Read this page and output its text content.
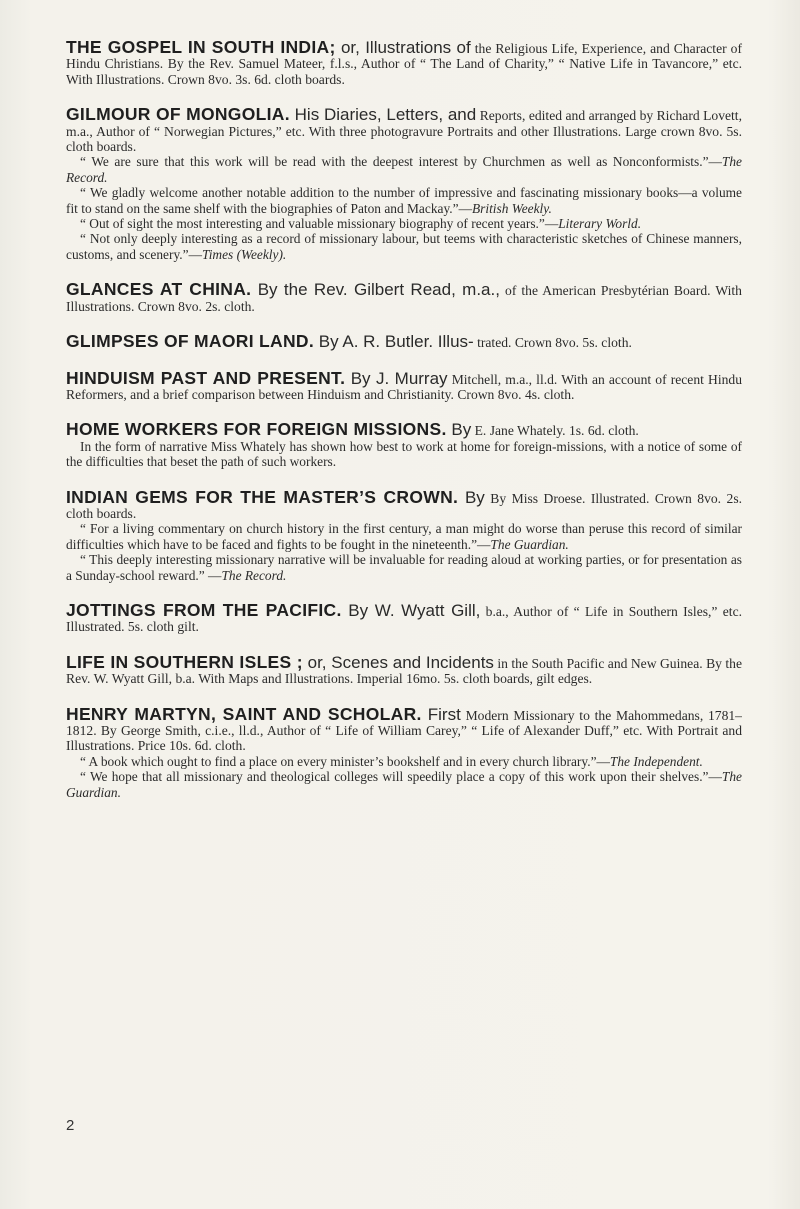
THE GOSPEL IN SOUTH INDIA; or, Illustrations of the Religious Life, Experience, and Character of Hindu Christians. By the Rev. Samuel Mateer, f.l.s., Author of “ The Land of Charity,” “ Native Life in Tavancore,” etc. With Illustrations. Crown 8vo. 3s. 6d. cloth boards.

GILMOUR OF MONGOLIA. His Diaries, Letters, and Reports, edited and arranged by Richard Lovett, m.a., Author of “ Norwegian Pictures,” etc. With three photogravure Portraits and other Illustrations. Large crown 8vo. 5s. cloth boards.

“ We are sure that this work will be read with the deepest interest by Churchmen as well as Nonconformists.”—The Record.

“ We gladly welcome another notable addition to the number of impressive and fascinating missionary books—a volume fit to stand on the same shelf with the biographies of Paton and Mackay.”—British Weekly.

“ Out of sight the most interesting and valuable missionary biography of recent years.”—Literary World.

“ Not only deeply interesting as a record of missionary labour, but teems with characteristic sketches of Chinese manners, customs, and scenery.”—Times (Weekly).

GLANCES AT CHINA. By the Rev. Gilbert Read, m.a., of the American Presbytérian Board. With Illustrations. Crown 8vo. 2s. cloth.

GLIMPSES OF MAORI LAND. By A. R. Butler. Illus- trated. Crown 8vo. 5s. cloth.

HINDUISM PAST AND PRESENT. By J. Murray Mitchell, m.a., ll.d. With an account of recent Hindu Reformers, and a brief comparison between Hinduism and Christianity. Crown 8vo. 4s. cloth.

HOME WORKERS FOR FOREIGN MISSIONS. By E. Jane Whately. 1s. 6d. cloth.

In the form of narrative Miss Whately has shown how best to work at home for foreign-missions, with a notice of some of the difficulties that beset the path of such workers.

INDIAN GEMS FOR THE MASTER’S CROWN. By By Miss Droese. Illustrated. Crown 8vo. 2s. cloth boards.

“ For a living commentary on church history in the first century, a man might do worse than peruse this record of similar difficulties which have to be faced and fights to be fought in the nineteenth.”—The Guardian.

“ This deeply interesting missionary narrative will be invaluable for reading aloud at working parties, or for presentation as a Sunday-school reward.” —The Record.

JOTTINGS FROM THE PACIFIC. By W. Wyatt Gill, b.a., Author of “ Life in Southern Isles,” etc. Illustrated. 5s. cloth gilt.

LIFE IN SOUTHERN ISLES ; or, Scenes and Incidents in the South Pacific and New Guinea. By the Rev. W. Wyatt Gill, b.a. With Maps and Illustrations. Imperial 16mo. 5s. cloth boards, gilt edges.

HENRY MARTYN, SAINT AND SCHOLAR. First Modern Missionary to the Mahommedans, 1781–1812. By George Smith, c.i.e., ll.d., Author of “ Life of William Carey,” “ Life of Alexander Duff,” etc. With Portrait and Illustrations. Price 10s. 6d. cloth.

“ A book which ought to find a place on every minister’s bookshelf and in every church library.”—The Independent.

“ We hope that all missionary and theological colleges will speedily place a copy of this work upon their shelves.”—The Guardian.

2
